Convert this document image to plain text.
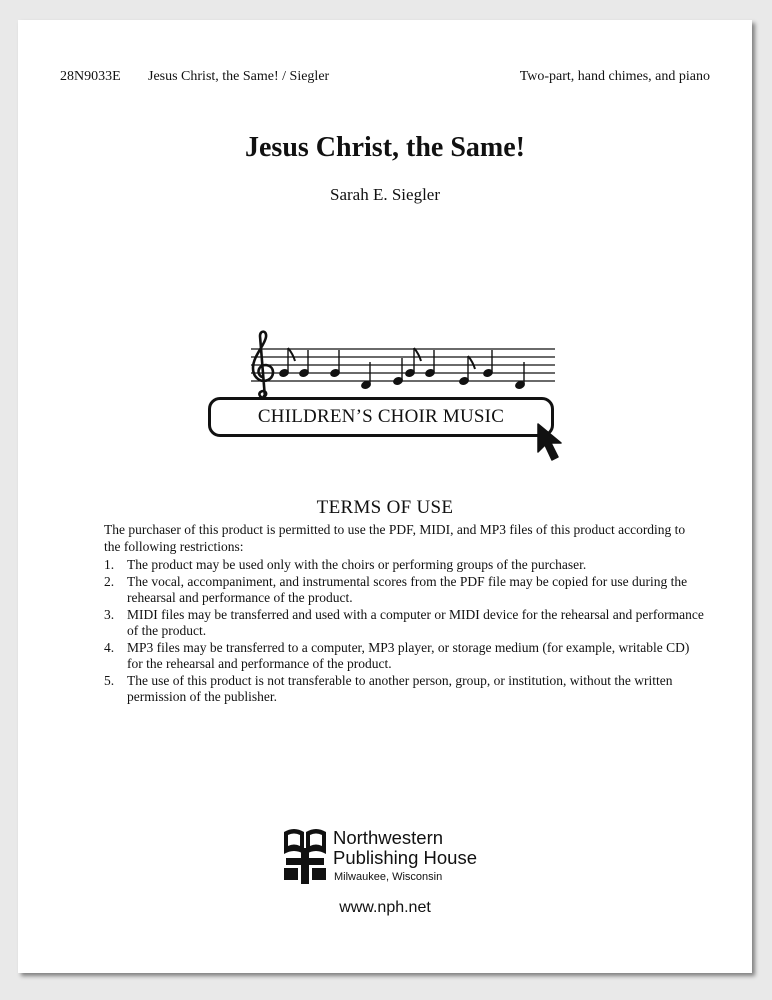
28N9033E Jesus Christ, the Same! / Siegler	Two-part, hand chimes, and piano
Jesus Christ, the Same!
Sarah E. Siegler
CHILDREN’S CHOIR MUSIC
TERMS OF USE

The purchaser of this product is permitted to use the PDF, MIDI, and MP3 files of this product according to the following restrictions:

1. The product may be used only with the choirs or performing groups of the purchaser.
2. The vocal, accompaniment, and instrumental scores from the PDF file may be copied for use during the rehearsal and performance of the product.
3. MIDI files may be transferred and used with a computer or MIDI device for the rehearsal and performance of the product.
4. MP3 files may be transferred to a computer, MP3 player, or storage medium (for example, writable CD) for the rehearsal and performance of the product.
5. The use of this product is not transferable to another person, group, or institution, without the written permission of the publisher.
Northwestern
Publishing House
Milwaukee, Wisconsin
www.nph.net
